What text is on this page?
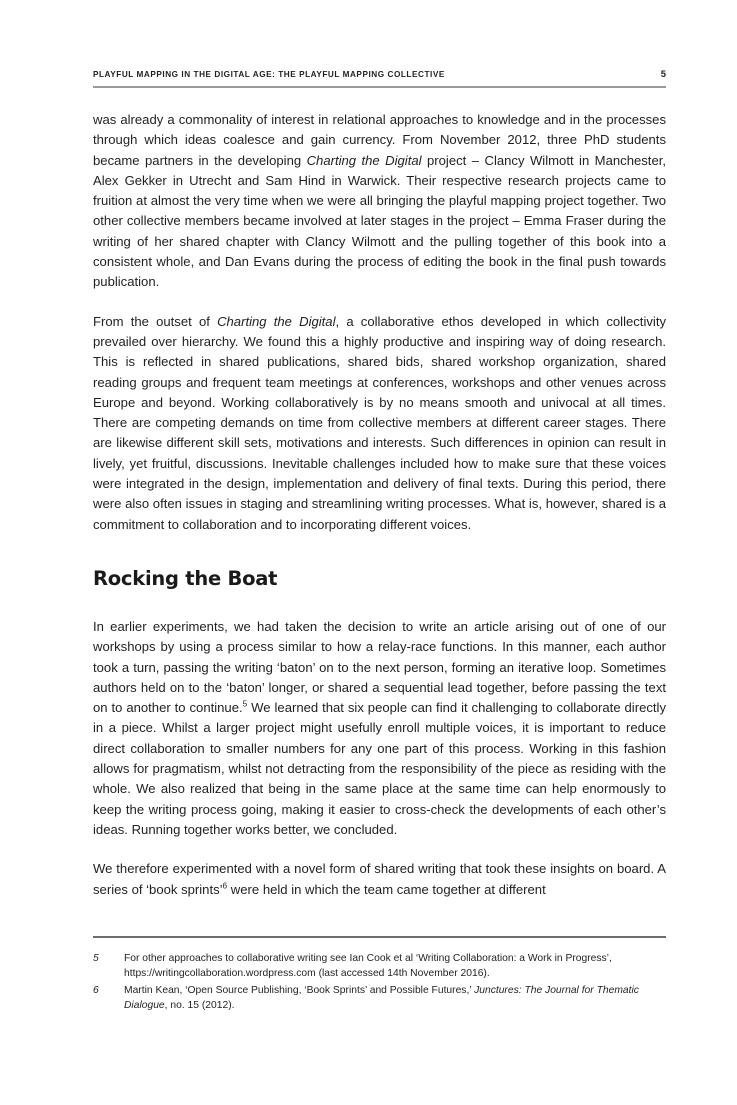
PLAYFUL MAPPING IN THE DIGITAL AGE: THE PLAYFUL MAPPING COLLECTIVE	5

was already a commonality of interest in relational approaches to knowledge and in the processes through which ideas coalesce and gain currency. From November 2012, three PhD students became partners in the developing Charting the Digital project – Clancy Wilmott in Manchester, Alex Gekker in Utrecht and Sam Hind in Warwick. Their respective research projects came to fruition at almost the very time when we were all bringing the playful mapping project together. Two other collective members became involved at later stages in the project – Emma Fraser during the writing of her shared chapter with Clancy Wilmott and the pulling together of this book into a consistent whole, and Dan Evans during the process of editing the book in the final push towards publication.

From the outset of Charting the Digital, a collaborative ethos developed in which collectivity prevailed over hierarchy. We found this a highly productive and inspiring way of doing research. This is reflected in shared publications, shared bids, shared workshop organization, shared reading groups and frequent team meetings at conferences, workshops and other venues across Europe and beyond. Working collaboratively is by no means smooth and univocal at all times. There are competing demands on time from collective members at different career stages. There are likewise different skill sets, motivations and interests. Such differences in opinion can result in lively, yet fruitful, discussions. Inevitable challenges included how to make sure that these voices were integrated in the design, implementation and delivery of final texts. During this period, there were also often issues in staging and streamlining writing processes. What is, however, shared is a commitment to collaboration and to incorporating different voices.

Rocking the Boat

In earlier experiments, we had taken the decision to write an article arising out of one of our workshops by using a process similar to how a relay-race functions. In this manner, each author took a turn, passing the writing ‘baton’ on to the next person, forming an iterative loop. Sometimes authors held on to the ‘baton’ longer, or shared a sequential lead together, before passing the text on to another to continue.$^5$ We learned that six people can find it challenging to collaborate directly in a piece. Whilst a larger project might usefully enroll multiple voices, it is important to reduce direct collaboration to smaller numbers for any one part of this process. Working in this fashion allows for pragmatism, whilst not detracting from the responsibility of the piece as residing with the whole. We also realized that being in the same place at the same time can help enormously to keep the writing process going, making it easier to cross-check the developments of each other’s ideas. Running together works better, we concluded.

We therefore experimented with a novel form of shared writing that took these insights on board. A series of ‘book sprints’$^6$ were held in which the team came together at different

5 For other approaches to collaborative writing see Ian Cook et al ‘Writing Collaboration: a Work in Progress’, https://writingcollaboration.wordpress.com (last accessed 14th November 2016).
6 Martin Kean, ‘Open Source Publishing, ‘Book Sprints’ and Possible Futures,’ Junctures: The Journal for Thematic Dialogue, no. 15 (2012).
